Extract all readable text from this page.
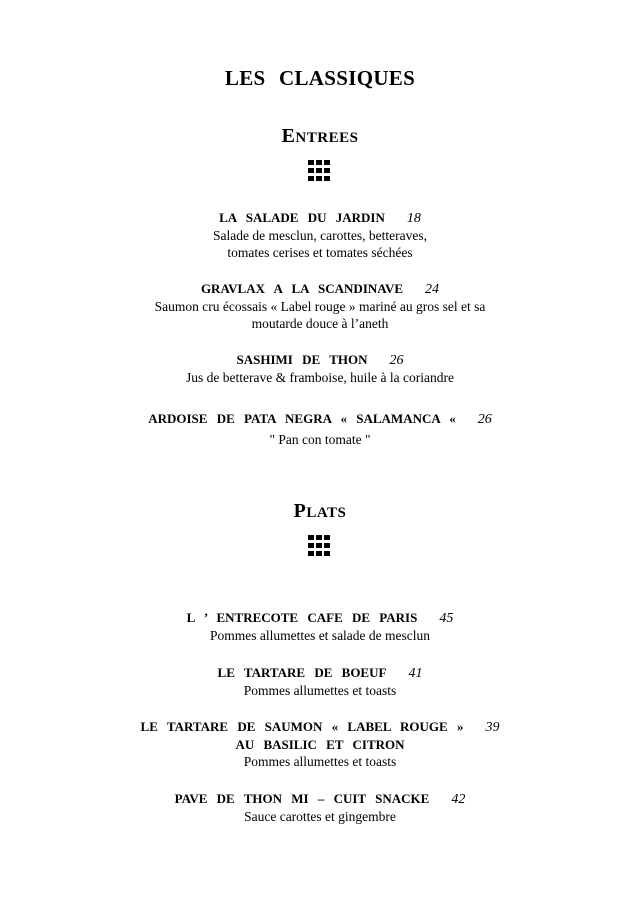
LES CLASSIQUES
ENTREES
LA SALADE DU JARDIN 18
Salade de mesclun, carottes, betteraves,
tomates cerises et tomates séchées
GRAVLAX A LA SCANDINAVE 24
Saumon cru écossais « Label rouge » mariné au gros sel et sa
moutarde douce à l’aneth
SASHIMI DE THON 26
Jus de betterave & framboise, huile à la coriandre
ARDOISE DE PATA NEGRA « SALAMANCA « 26
" Pan con tomate "
PLATS
L ’ ENTRECOTE CAFE DE PARIS 45
Pommes allumettes et salade de mesclun
LE TARTARE DE BOEUF 41
Pommes allumettes et toasts
LE TARTARE DE SAUMON « LABEL ROUGE » 39
AU BASILIC ET CITRON
Pommes allumettes et toasts
PAVE DE THON MI – CUIT SNACKE 42
Sauce carottes et gingembre
